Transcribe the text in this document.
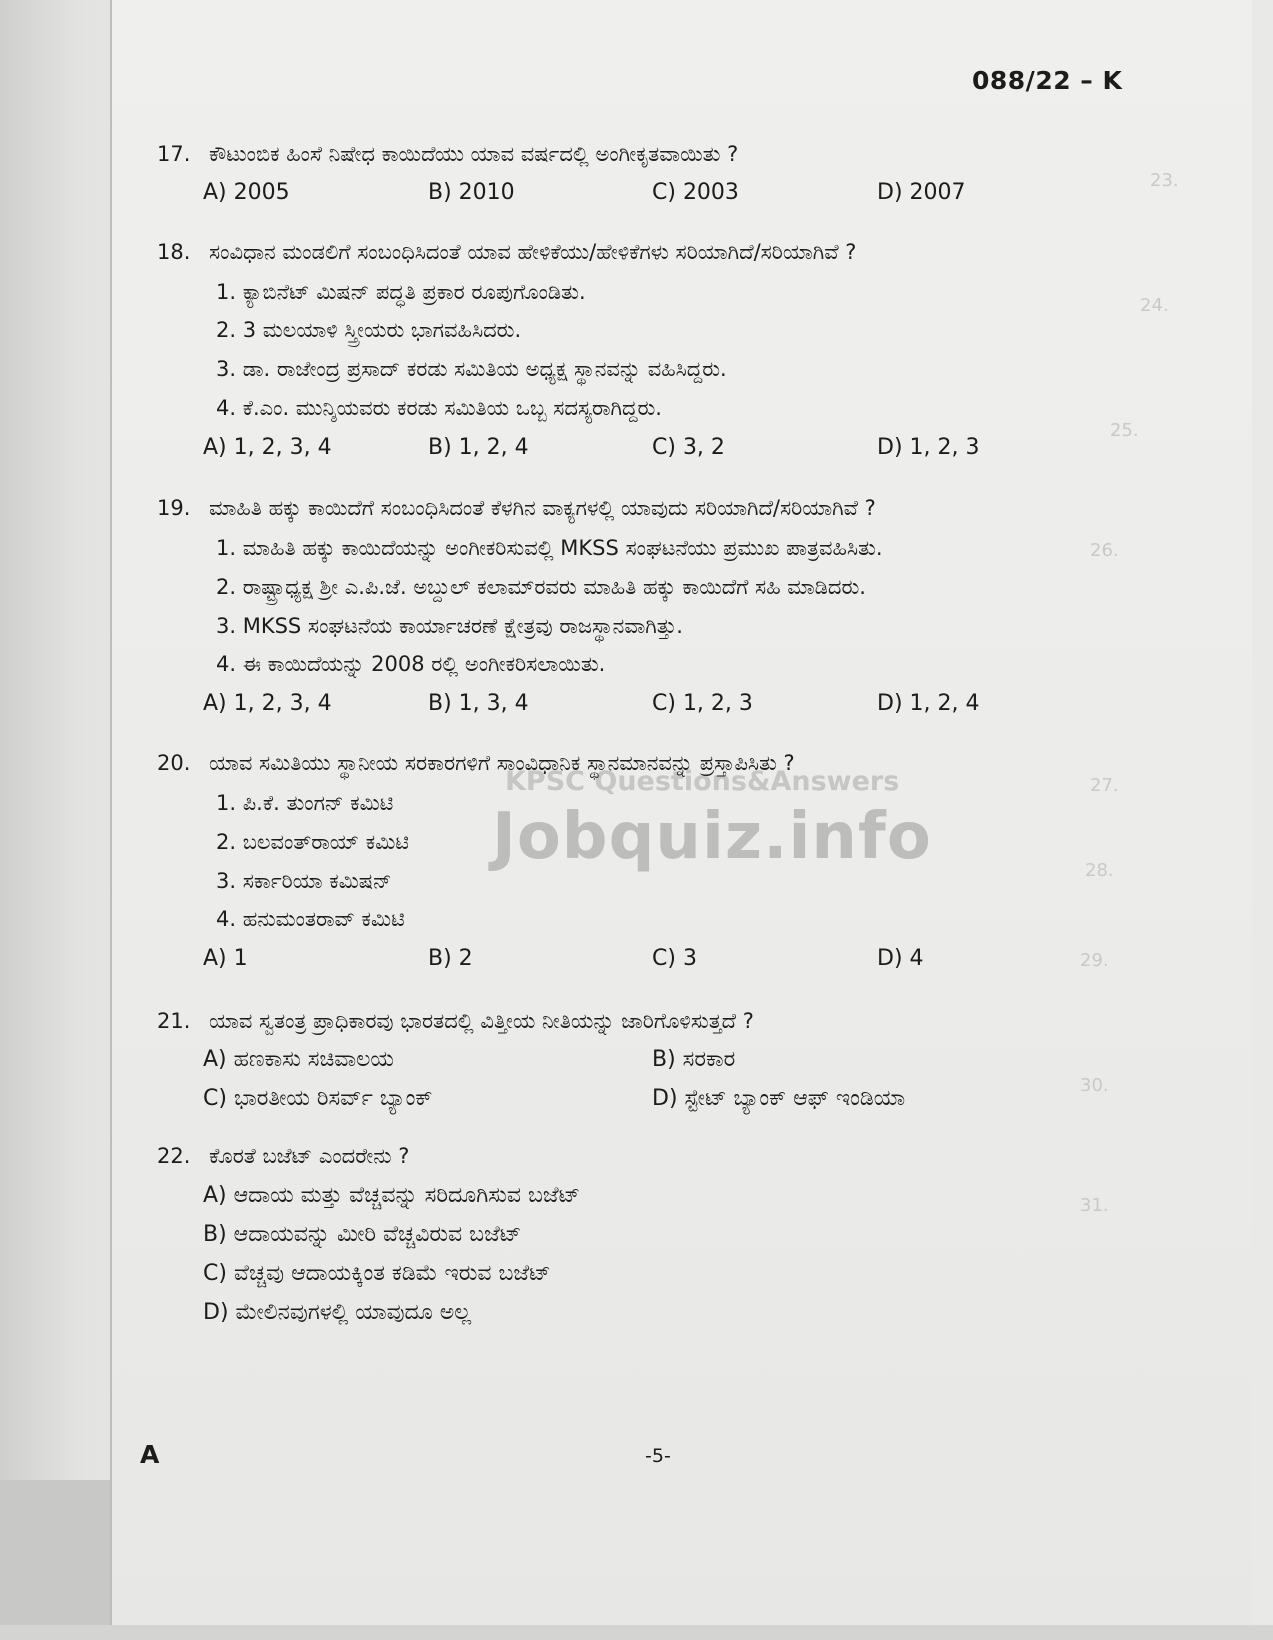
23.
24.
25.
26.
27.
28.
29.
30.
31.
088/22 – K
KPSC Questions&Answers
Jobquiz.info
17. ಕೌಟುಂಬಿಕ ಹಿಂಸೆ ನಿಷೇಧ ಕಾಯಿದೆಯು ಯಾವ ವರ್ಷದಲ್ಲಿ ಅಂಗೀಕೃತವಾಯಿತು ?
A) 2005	B) 2010	C) 2003	D) 2007
18. ಸಂವಿಧಾನ ಮಂಡಲಿಗೆ ಸಂಬಂಧಿಸಿದಂತೆ ಯಾವ ಹೇಳಿಕೆಯು/ಹೇಳಿಕೆಗಳು ಸರಿಯಾಗಿದೆ/ಸರಿಯಾಗಿವೆ ?
1. ಕ್ಯಾಬಿನೆಟ್ ಮಿಷನ್ ಪದ್ಧತಿ ಪ್ರಕಾರ ರೂಪುಗೊಂಡಿತು.
2. 3 ಮಲಯಾಳಿ ಸ್ತ್ರೀಯರು ಭಾಗವಹಿಸಿದರು.
3. ಡಾ. ರಾಜೇಂದ್ರ ಪ್ರಸಾದ್ ಕರಡು ಸಮಿತಿಯ ಅಧ್ಯಕ್ಷ ಸ್ಥಾನವನ್ನು ವಹಿಸಿದ್ದರು.
4. ಕೆ.ಎಂ. ಮುನ್ಶಿಯವರು ಕರಡು ಸಮಿತಿಯ ಒಬ್ಬ ಸದಸ್ಯರಾಗಿದ್ದರು.
A) 1, 2, 3, 4	B) 1, 2, 4	C) 3, 2	D) 1, 2, 3
19. ಮಾಹಿತಿ ಹಕ್ಕು ಕಾಯಿದೆಗೆ ಸಂಬಂಧಿಸಿದಂತೆ ಕೆಳಗಿನ ವಾಕ್ಯಗಳಲ್ಲಿ ಯಾವುದು ಸರಿಯಾಗಿದೆ/ಸರಿಯಾಗಿವೆ ?
1. ಮಾಹಿತಿ ಹಕ್ಕು ಕಾಯಿದೆಯನ್ನು ಅಂಗೀಕರಿಸುವಲ್ಲಿ MKSS ಸಂಘಟನೆಯು ಪ್ರಮುಖ ಪಾತ್ರವಹಿಸಿತು.
2. ರಾಷ್ಟ್ರಾಧ್ಯಕ್ಷ ಶ್ರೀ ಎ.ಪಿ.ಜೆ. ಅಬ್ದುಲ್ ಕಲಾಮ್‌ರವರು ಮಾಹಿತಿ ಹಕ್ಕು ಕಾಯಿದೆಗೆ ಸಹಿ ಮಾಡಿದರು.
3. MKSS ಸಂಘಟನೆಯ ಕಾರ್ಯಾಚರಣೆ ಕ್ಷೇತ್ರವು ರಾಜಸ್ಥಾನವಾಗಿತ್ತು.
4. ಈ ಕಾಯಿದೆಯನ್ನು 2008 ರಲ್ಲಿ ಅಂಗೀಕರಿಸಲಾಯಿತು.
A) 1, 2, 3, 4	B) 1, 3, 4	C) 1, 2, 3	D) 1, 2, 4
20. ಯಾವ ಸಮಿತಿಯು ಸ್ಥಾನೀಯ ಸರಕಾರಗಳಿಗೆ ಸಾಂವಿಧಾನಿಕ ಸ್ಥಾನಮಾನವನ್ನು ಪ್ರಸ್ತಾಪಿಸಿತು ?
1. ಪಿ.ಕೆ. ತುಂಗನ್ ಕಮಿಟಿ
2. ಬಲವಂತ್‌ರಾಯ್ ಕಮಿಟಿ
3. ಸರ್ಕಾರಿಯಾ ಕಮಿಷನ್
4. ಹನುಮಂತರಾವ್ ಕಮಿಟಿ
A) 1	B) 2	C) 3	D) 4
21. ಯಾವ ಸ್ವತಂತ್ರ ಪ್ರಾಧಿಕಾರವು ಭಾರತದಲ್ಲಿ ವಿತ್ತೀಯ ನೀತಿಯನ್ನು ಜಾರಿಗೊಳಿಸುತ್ತದೆ ?
A) ಹಣಕಾಸು ಸಚಿವಾಲಯ	B) ಸರಕಾರ
C) ಭಾರತೀಯ ರಿಸರ್ವ್ ಬ್ಯಾಂಕ್	D) ಸ್ಟೇಟ್ ಬ್ಯಾಂಕ್ ಆಫ್ ಇಂಡಿಯಾ
22. ಕೊರತೆ ಬಜೆಟ್ ಎಂದರೇನು ?
A) ಆದಾಯ ಮತ್ತು ವೆಚ್ಚವನ್ನು ಸರಿದೂಗಿಸುವ ಬಜೆಟ್
B) ಆದಾಯವನ್ನು ಮೀರಿ ವೆಚ್ಚವಿರುವ ಬಜೆಟ್
C) ವೆಚ್ಚವು ಆದಾಯಕ್ಕಿಂತ ಕಡಿಮೆ ಇರುವ ಬಜೆಟ್
D) ಮೇಲಿನವುಗಳಲ್ಲಿ ಯಾವುದೂ ಅಲ್ಲ
A	-5-
